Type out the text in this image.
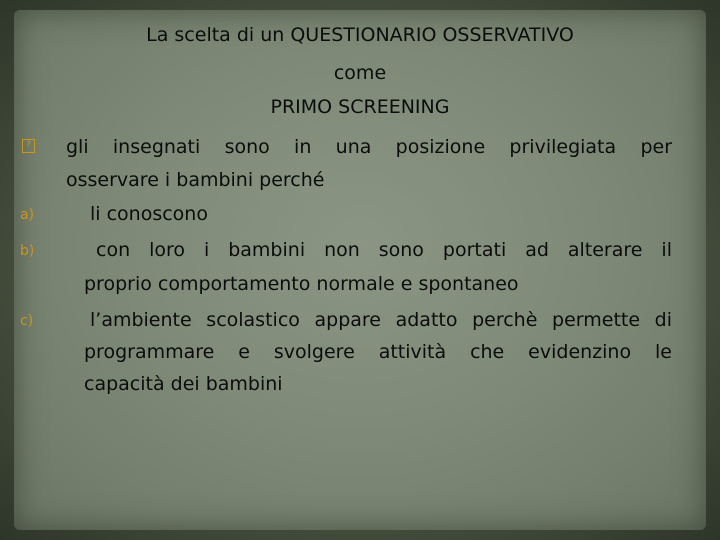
La scelta di un QUESTIONARIO OSSERVATIVO
come
PRIMO SCREENING
? gli insegnati sono in una posizione privilegiata per
osservare i bambini perché
a)	li conoscono
b)	con loro i bambini non sono portati ad alterare il
proprio comportamento normale e spontaneo
c)	l’ambiente scolastico appare adatto perchè permette di
programmare e svolgere attività che evidenzino le
capacità dei bambini
